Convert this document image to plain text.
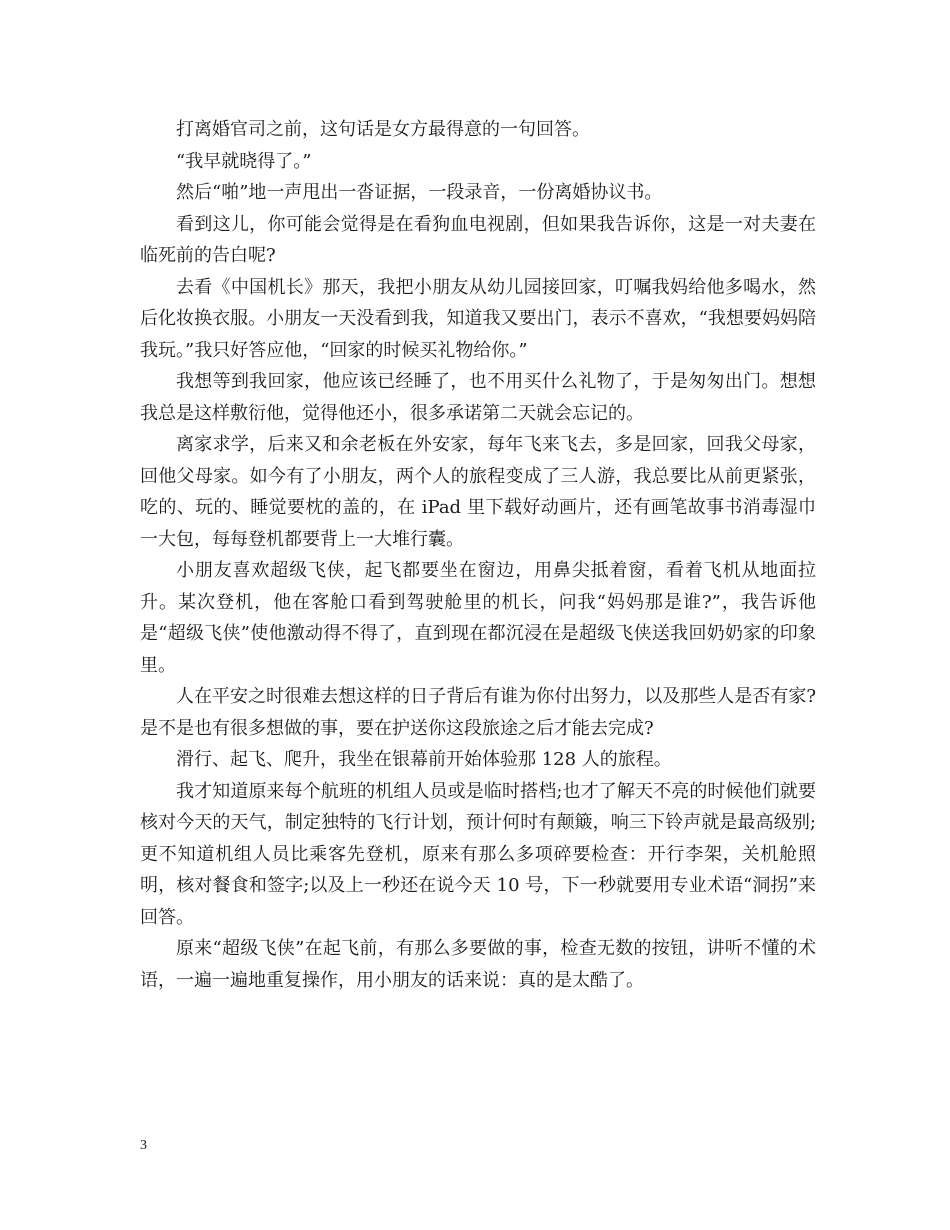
打离婚官司之前，这句话是女方最得意的一句回答。

“我早就晓得了。”

然后“啪”地一声甩出一沓证据，一段录音，一份离婚协议书。

看到这儿，你可能会觉得是在看狗血电视剧，但如果我告诉你，这是一对夫妻在临死前的告白呢?

去看《中国机长》那天，我把小朋友从幼儿园接回家，叮嘱我妈给他多喝水，然后化妆换衣服。小朋友一天没看到我，知道我又要出门，表示不喜欢，“我想要妈妈陪我玩。”我只好答应他，“回家的时候买礼物给你。”

我想等到我回家，他应该已经睡了，也不用买什么礼物了，于是匆匆出门。想想我总是这样敷衍他，觉得他还小，很多承诺第二天就会忘记的。

离家求学，后来又和余老板在外安家，每年飞来飞去，多是回家，回我父母家，回他父母家。如今有了小朋友，两个人的旅程变成了三人游，我总要比从前更紧张，吃的、玩的、睡觉要枕的盖的，在 iPad 里下载好动画片，还有画笔故事书消毒湿巾一大包，每每登机都要背上一大堆行囊。

小朋友喜欢超级飞侠，起飞都要坐在窗边，用鼻尖抵着窗，看着飞机从地面拉升。某次登机，他在客舱口看到驾驶舱里的机长，问我“妈妈那是谁?”，我告诉他是“超级飞侠”使他激动得不得了，直到现在都沉浸在是超级飞侠送我回奶奶家的印象里。

人在平安之时很难去想这样的日子背后有谁为你付出努力，以及那些人是否有家?是不是也有很多想做的事，要在护送你这段旅途之后才能去完成?

滑行、起飞、爬升，我坐在银幕前开始体验那 128 人的旅程。

我才知道原来每个航班的机组人员或是临时搭档;也才了解天不亮的时候他们就要核对今天的天气，制定独特的飞行计划，预计何时有颠簸，响三下铃声就是最高级别;更不知道机组人员比乘客先登机，原来有那么多项碎要检查：开行李架，关机舱照明，核对餐食和签字;以及上一秒还在说今天 10 号，下一秒就要用专业术语“洞拐”来回答。

原来“超级飞侠”在起飞前，有那么多要做的事，检查无数的按钮，讲听不懂的术语，一遍一遍地重复操作，用小朋友的话来说：真的是太酷了。

3
